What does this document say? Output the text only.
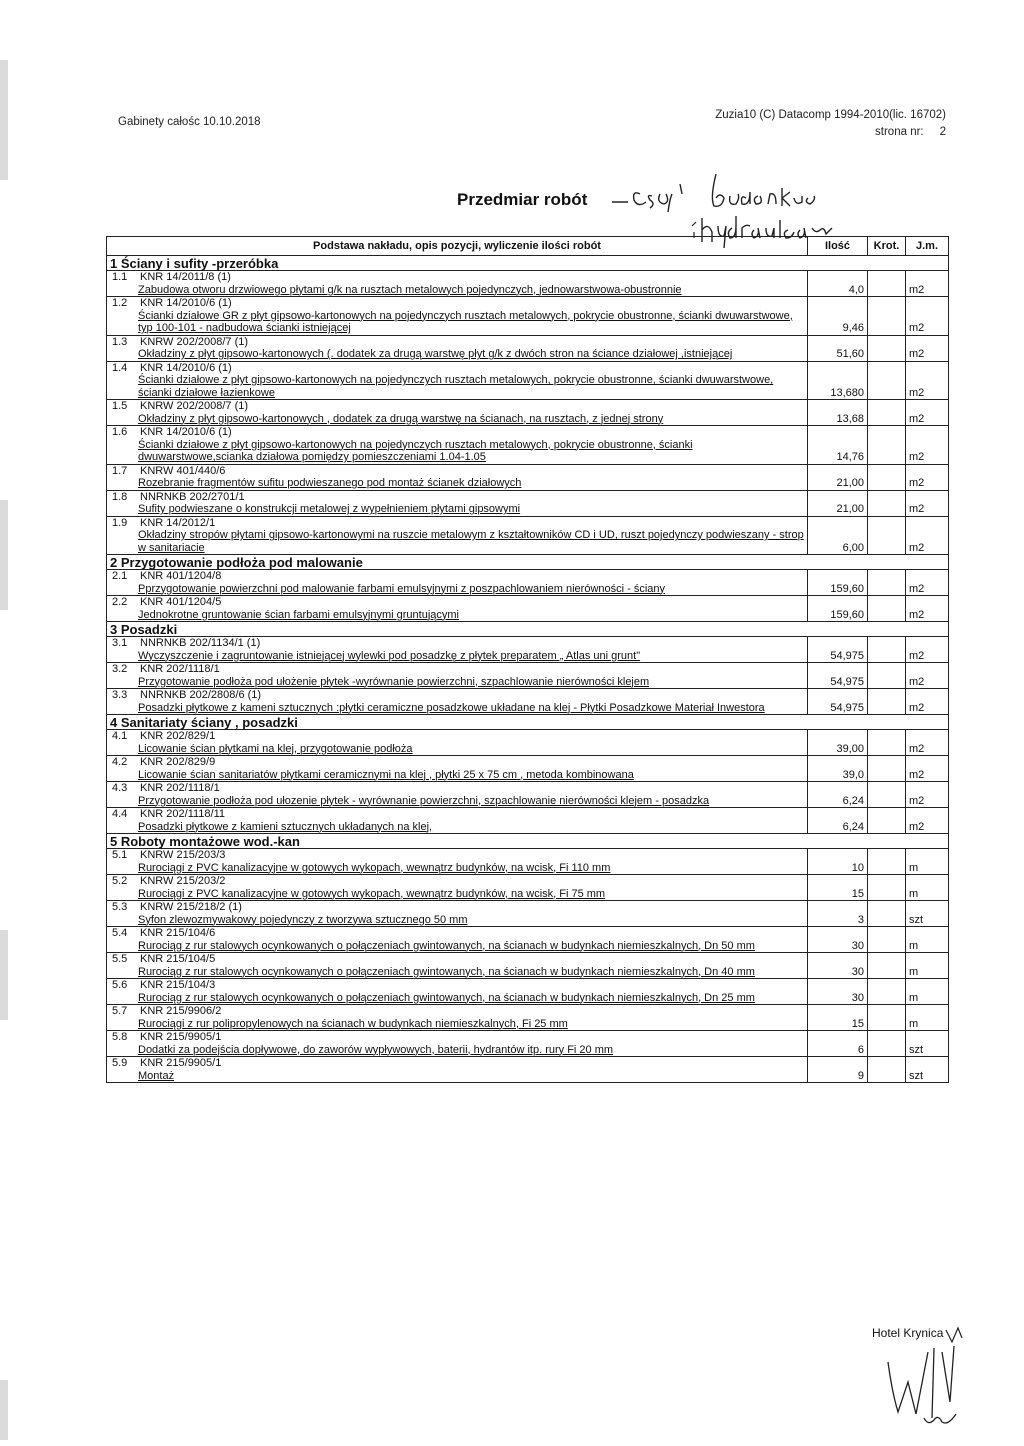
Gabinety całośc 10.10.2018
Zuzia10 (C) Datacomp 1994-2010(lic. 16702)
strona nr: 2
Przedmiar robót
Podstawa nakładu, opis pozycji, wyliczenie ilości robót	Ilość	Krot.	J.m.
1 Ściany i sufity -przeróbka			

1.1 KNR 14/2011/8 (1)
Zabudowa otworu drzwiowego płytami g/k na rusztach metalowych pojedynczych, jednowarstwowa-obustronnie	4,0		m2

1.2 KNR 14/2010/6 (1)
Ścianki działowe GR z płyt gipsowo-kartonowych na pojedynczych rusztach metalowych, pokrycie obustronne, ścianki dwuwarstwowe, typ 100-101 - nadbudowa ścianki istniejącej	9,46		m2

1.3 KNRW 202/2008/7 (1)
Okładziny z płyt gipsowo-kartonowych (. dodatek za drugą warstwę płyt g/k z dwóch stron na ściance działowej ,istniejącej	51,60		m2

1.4 KNR 14/2010/6 (1)
Ścianki działowe z płyt gipsowo-kartonowych na pojedynczych rusztach metalowych, pokrycie obustronne, ścianki dwuwarstwowe, ścianki działowe łazienkowe	13,680		m2

1.5 KNRW 202/2008/7 (1)
Okładziny z płyt gipsowo-kartonowych , dodatek za drugą warstwę na ścianach, na rusztach, z jednej strony	13,68		m2

1.6 KNR 14/2010/6 (1)
Ścianki działowe z płyt gipsowo-kartonowych na pojedynczych rusztach metalowych, pokrycie obustronne, ścianki dwuwarstwowe,scianka działowa pomiędzy pomieszczeniami 1.04-1.05	14,76		m2

1.7 KNRW 401/440/6
Rozebranie fragmentów sufitu podwieszanego pod montaż ścianek działowych	21,00		m2

1.8 NNRNKB 202/2701/1
Sufity podwieszane o konstrukcji metalowej z wypełnieniem płytami gipsowymi	21,00		m2

1.9 KNR 14/2012/1
Okładziny stropów płytami gipsowo-kartonowymi na ruszcie metalowym z kształtowników CD i UD, ruszt pojedynczy podwieszany - strop w sanitariacie	6,00		m2
2 Przygotowanie podłoża pod malowanie			

2.1 KNR 401/1204/8
Pprzygotowanie powierzchni pod malowanie farbami emulsyjnymi z poszpachlowaniem nierówności - ściany	159,60		m2

2.2 KNR 401/1204/5
Jednokrotne gruntowanie ścian farbami emulsyjnymi gruntującymi	159,60		m2
3 Posadzki			

3.1 NNRNKB 202/1134/1 (1)
Wyczyszczenie i zagruntowanie istniejącej wylewki pod posadzkę z płytek preparatem „ Atlas uni grunt"	54,975		m2

3.2 KNR 202/1118/1
Przygotowanie podłoża pod ułożenie płytek -wyrównanie powierzchni, szpachlowanie nierówności klejem	54,975		m2

3.3 NNRNKB 202/2808/6 (1)
Posadzki płytkowe z kameni sztucznych :płytki ceramiczne posadzkowe układane na klej - Płytki Posadzkowe Materiał Inwestora	54,975		m2
4 Sanitariaty ściany , posadzki			

4.1 KNR 202/829/1
Licowanie ścian płytkami na klej, przygotowanie podłoża	39,00		m2

4.2 KNR 202/829/9
Licowanie ścian sanitariatów płytkami ceramicznymi na klej , płytki 25 x 75 cm , metoda kombinowana	39,0		m2

4.3 KNR 202/1118/1
Przygotowanie podłoża pod ułozenie płytek - wyrównanie powierzchni, szpachlowanie nierówności klejem - posadzka	6,24		m2

4.4 KNR 202/1118/11
Posadzki płytkowe z kamieni sztucznych układanych na klej,	6,24		m2
5 Roboty montażowe wod.-kan			

5.1 KNRW 215/203/3
Rurociągi z PVC kanalizacyjne w gotowych wykopach, wewnątrz budynków, na wcisk, Fi 110 mm	10		m

5.2 KNRW 215/203/2
Rurociągi z PVC kanalizacyjne w gotowych wykopach, wewnątrz budynków, na wcisk, Fi 75 mm	15		m

5.3 KNRW 215/218/2 (1)
Syfon zlewozmywakowy pojedynczy z tworzywa sztucznego 50 mm	3		szt

5.4 KNR 215/104/6
Rurociąg z rur stalowych ocynkowanych o połączeniach gwintowanych, na ścianach w budynkach niemieszkalnych, Dn 50 mm	30		m

5.5 KNR 215/104/5
Rurociąg z rur stalowych ocynkowanych o połączeniach gwintowanych, na ścianach w budynkach niemieszkalnych, Dn 40 mm	30		m

5.6 KNR 215/104/3
Rurociąg z rur stalowych ocynkowanych o połączeniach gwintowanych, na ścianach w budynkach niemieszkalnych, Dn 25 mm	30		m

5.7 KNR 215/9906/2
Rurociągi z rur polipropylenowych na ścianach w budynkach niemieszkalnych, Fi 25 mm	15		m

5.8 KNR 215/9905/1
Dodatki za podejścia dopływowe, do zaworów wypływowych, baterii, hydrantów itp. rury Fi 20 mm	6		szt

5.9 KNR 215/9905/1
Montaż	9		szt
Hotel Krynica
